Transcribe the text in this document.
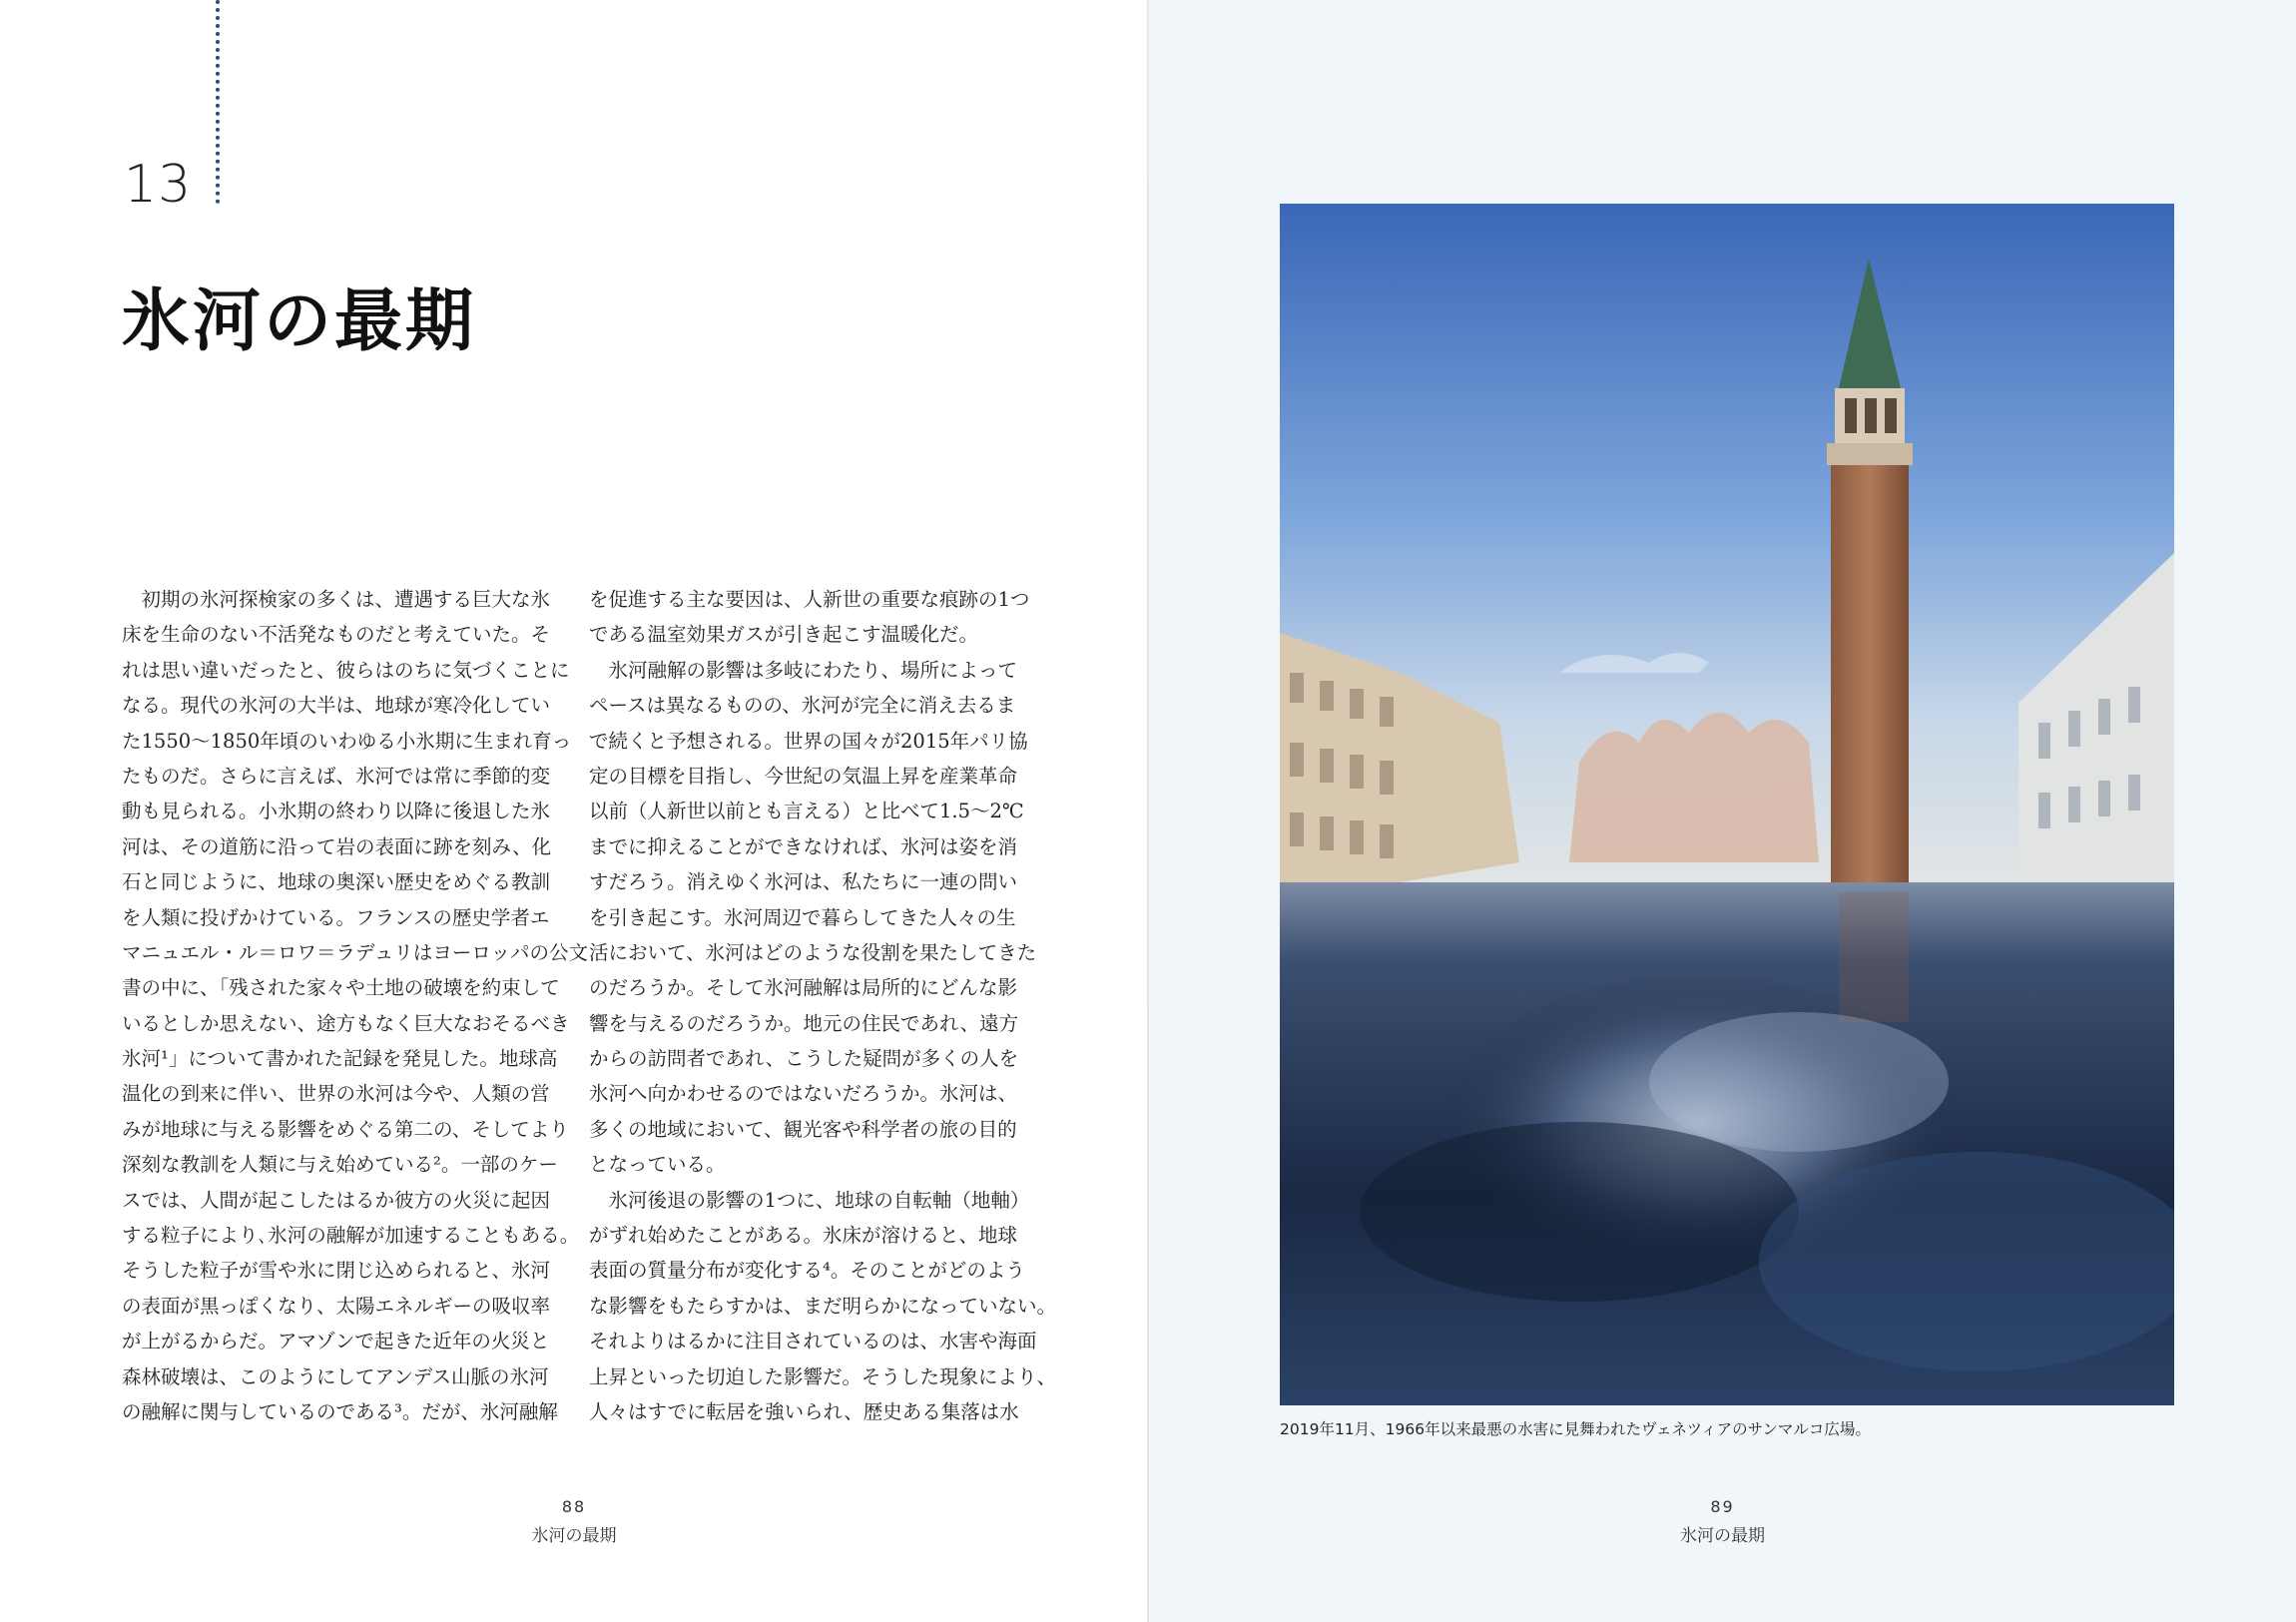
13
氷河の最期
　初期の氷河探検家の多くは、遭遇する巨大な氷
床を生命のない不活発なものだと考えていた。そ
れは思い違いだったと、彼らはのちに気づくことに
なる。現代の氷河の大半は、地球が寒冷化してい
た1550～1850年頃のいわゆる小氷期に生まれ育っ
たものだ。さらに言えば、氷河では常に季節的変
動も見られる。小氷期の終わり以降に後退した氷
河は、その道筋に沿って岩の表面に跡を刻み、化
石と同じように、地球の奥深い歴史をめぐる教訓
を人類に投げかけている。フランスの歴史学者エ
マニュエル・ル＝ロワ＝ラデュリはヨーロッパの公文
書の中に、「残された家々や土地の破壊を約束して
いるとしか思えない、途方もなく巨大なおそるべき
氷河¹」について書かれた記録を発見した。地球高
温化の到来に伴い、世界の氷河は今や、人類の営
みが地球に与える影響をめぐる第二の、そしてより
深刻な教訓を人類に与え始めている²。一部のケー
スでは、人間が起こしたはるか彼方の火災に起因
する粒子により､氷河の融解が加速することもある。
そうした粒子が雪や氷に閉じ込められると、氷河
の表面が黒っぽくなり、太陽エネルギーの吸収率
が上がるからだ。アマゾンで起きた近年の火災と
森林破壊は、このようにしてアンデス山脈の氷河
の融解に関与しているのである³。だが、氷河融解
を促進する主な要因は、人新世の重要な痕跡の1つ
である温室効果ガスが引き起こす温暖化だ。
　氷河融解の影響は多岐にわたり、場所によって
ペースは異なるものの、氷河が完全に消え去るま
で続くと予想される。世界の国々が2015年パリ協
定の目標を目指し、今世紀の気温上昇を産業革命
以前（人新世以前とも言える）と比べて1.5～2℃
までに抑えることができなければ、氷河は姿を消
すだろう。消えゆく氷河は、私たちに一連の問い
を引き起こす。氷河周辺で暮らしてきた人々の生
活において、氷河はどのような役割を果たしてきた
のだろうか。そして氷河融解は局所的にどんな影
響を与えるのだろうか。地元の住民であれ、遠方
からの訪問者であれ、こうした疑問が多くの人を
氷河へ向かわせるのではないだろうか。氷河は、
多くの地域において、観光客や科学者の旅の目的
となっている。
　氷河後退の影響の1つに、地球の自転軸（地軸）
がずれ始めたことがある。氷床が溶けると、地球
表面の質量分布が変化する⁴。そのことがどのよう
な影響をもたらすかは、まだ明らかになっていない。
それよりはるかに注目されているのは、水害や海面
上昇といった切迫した影響だ。そうした現象により、
人々はすでに転居を強いられ、歴史ある集落は水
88
氷河の最期
2019年11月、1966年以来最悪の水害に見舞われたヴェネツィアのサンマルコ広場。
89
氷河の最期
